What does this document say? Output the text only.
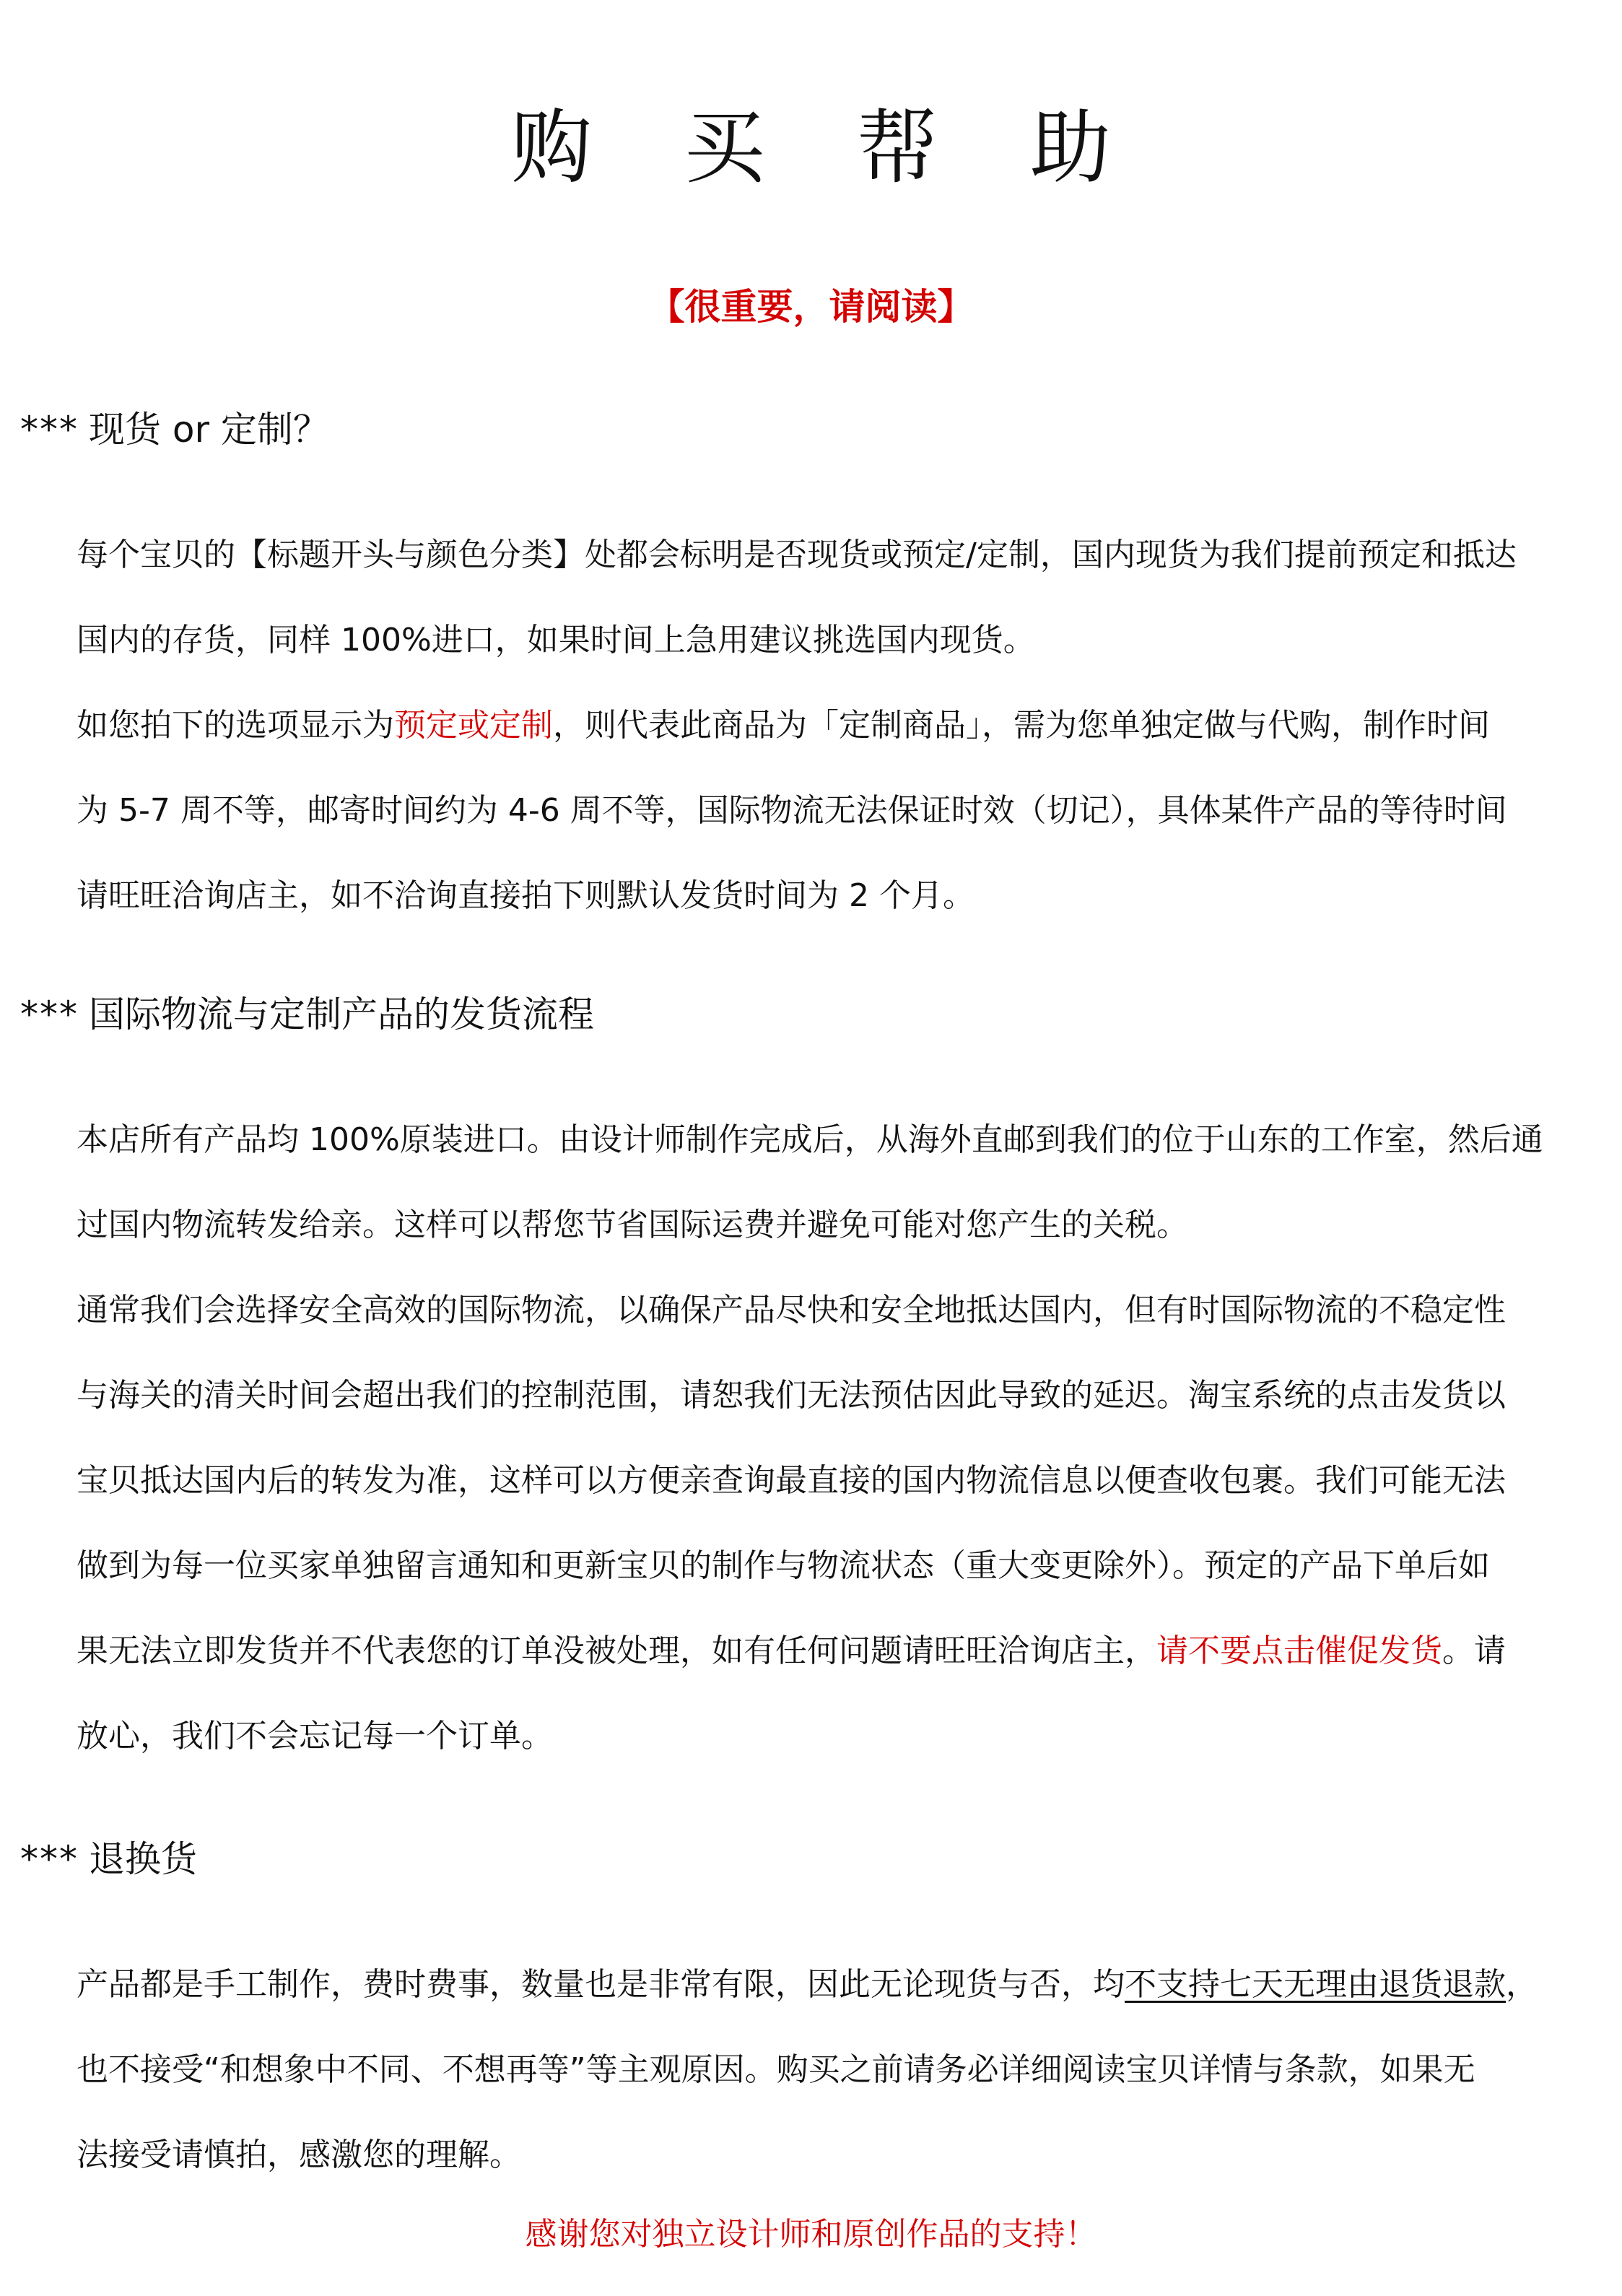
购 买 帮 助
【很重要，请阅读】
*** 现货 or 定制？
每个宝贝的【标题开头与颜色分类】处都会标明是否现货或预定/定制，国内现货为我们提前预定和抵达
国内的存货，同样 100%进口，如果时间上急用建议挑选国内现货。
如您拍下的选项显示为预定或定制，则代表此商品为「定制商品」，需为您单独定做与代购，制作时间
为 5-7 周不等，邮寄时间约为 4-6 周不等，国际物流无法保证时效（切记），具体某件产品的等待时间
请旺旺洽询店主，如不洽询直接拍下则默认发货时间为 2 个月。
*** 国际物流与定制产品的发货流程
本店所有产品均 100%原装进口。由设计师制作完成后，从海外直邮到我们的位于山东的工作室，然后通
过国内物流转发给亲。这样可以帮您节省国际运费并避免可能对您产生的关税。
通常我们会选择安全高效的国际物流，以确保产品尽快和安全地抵达国内，但有时国际物流的不稳定性
与海关的清关时间会超出我们的控制范围，请恕我们无法预估因此导致的延迟。淘宝系统的点击发货以
宝贝抵达国内后的转发为准，这样可以方便亲查询最直接的国内物流信息以便查收包裹。我们可能无法
做到为每一位买家单独留言通知和更新宝贝的制作与物流状态（重大变更除外）。预定的产品下单后如
果无法立即发货并不代表您的订单没被处理，如有任何问题请旺旺洽询店主，请不要点击催促发货。请
放心，我们不会忘记每一个订单。
*** 退换货
产品都是手工制作，费时费事，数量也是非常有限，因此无论现货与否，均不支持七天无理由退货退款，
也不接受“和想象中不同、不想再等”等主观原因。购买之前请务必详细阅读宝贝详情与条款，如果无
法接受请慎拍，感激您的理解。
感谢您对独立设计师和原创作品的支持！
